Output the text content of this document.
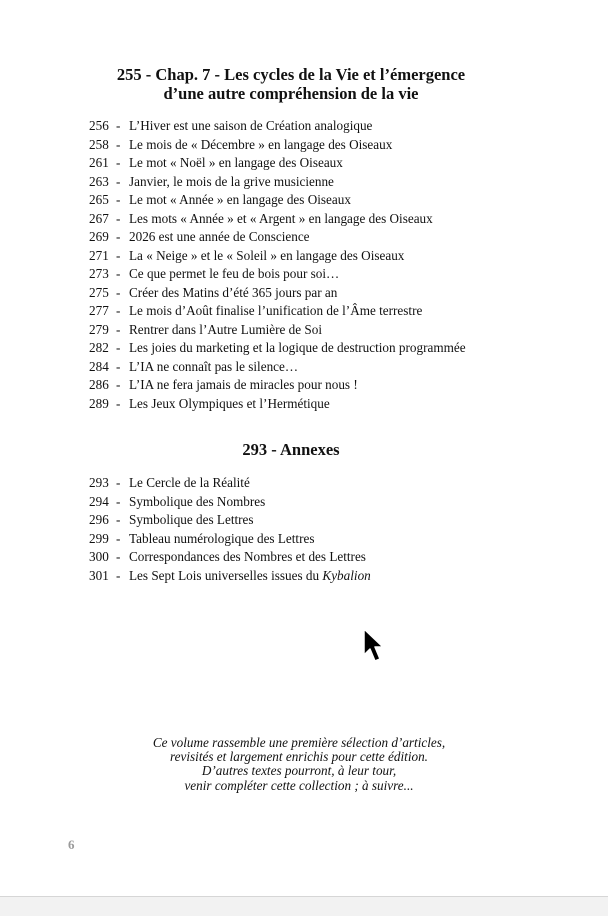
255 - Chap. 7 - Les cycles de la Vie et l’émergence
d’une autre compréhension de la vie
256 - L’Hiver est une saison de Création analogique
258 - Le mois de « Décembre » en langage des Oiseaux
261 - Le mot « Noël » en langage des Oiseaux
263 - Janvier, le mois de la grive musicienne
265 - Le mot « Année » en langage des Oiseaux
267 - Les mots « Année » et « Argent » en langage des Oiseaux
269 - 2026 est une année de Conscience
271 - La « Neige » et le « Soleil » en langage des Oiseaux
273 - Ce que permet le feu de bois pour soi…
275 - Créer des Matins d’été 365 jours par an
277 - Le mois d’Août finalise l’unification de l’Âme terrestre
279 - Rentrer dans l’Autre Lumière de Soi
282 - Les joies du marketing et la logique de destruction programmée
284 - L’IA ne connaît pas le silence…
286 - L’IA ne fera jamais de miracles pour nous !
289 - Les Jeux Olympiques et l’Hermétique
293 - Annexes
293 - Le Cercle de la Réalité
294 - Symbolique des Nombres
296 - Symbolique des Lettres
299 - Tableau numérologique des Lettres
300 - Correspondances des Nombres et des Lettres
301 - Les Sept Lois universelles issues du Kybalion
Ce volume rassemble une première sélection d’articles,
revisités et largement enrichis pour cette édition.
D’autres textes pourront, à leur tour,
venir compléter cette collection ; à suivre...
6
